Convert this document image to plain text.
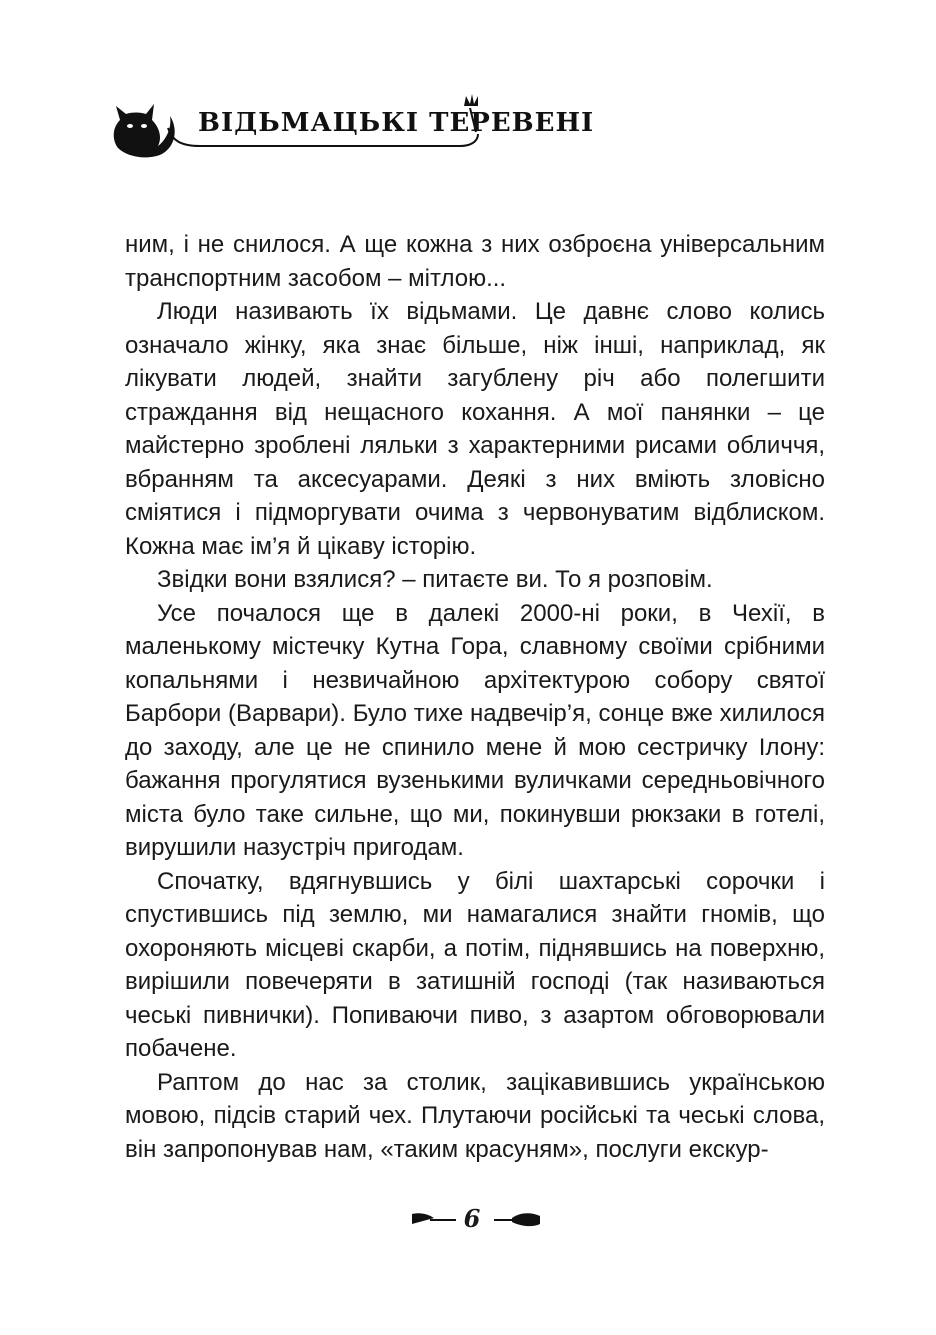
ВІДЬМАЦЬКІ ТЕРЕВЕНІ

ним, і не снилося. А ще кожна з них озброєна універсальним транспортним засобом – мітлою...

Люди називають їх відьмами. Це давнє слово колись означало жінку, яка знає більше, ніж інші, наприклад, як лікувати людей, знайти загублену річ або полегшити страждання від нещасного кохання. А мої панянки – це майстерно зроблені ляльки з характерними рисами обличчя, вбранням та аксесуарами. Деякі з них вміють зловісно сміятися і підморгувати очима з червонуватим відблиском. Кожна має ім’я й цікаву історію.

Звідки вони взялися? – питаєте ви. То я розповім.

Усе почалося ще в далекі 2000-ні роки, в Чехії, в маленькому містечку Кутна Гора, славному своїми срібними копальнями і незвичайною архітектурою собору святої Барбори (Варвари). Було тихе надвечір’я, сонце вже хилилося до заходу, але це не спинило мене й мою сестричку Ілону: бажання прогулятися вузенькими вуличками середньовічного міста було таке сильне, що ми, покинувши рюкзаки в готелі, вирушили назустріч пригодам.

Спочатку, вдягнувшись у білі шахтарські сорочки і спустившись під землю, ми намагалися знайти гномів, що охороняють місцеві скарби, а потім, піднявшись на поверхню, вирішили повечеряти в затишній господі (так називаються чеські пивнички). Попиваючи пиво, з азартом обговорювали побачене.

Раптом до нас за столик, зацікавившись українською мовою, підсів старий чех. Плутаючи російські та чеські слова, він запропонував нам, «таким красуням», послуги екскур-

6
